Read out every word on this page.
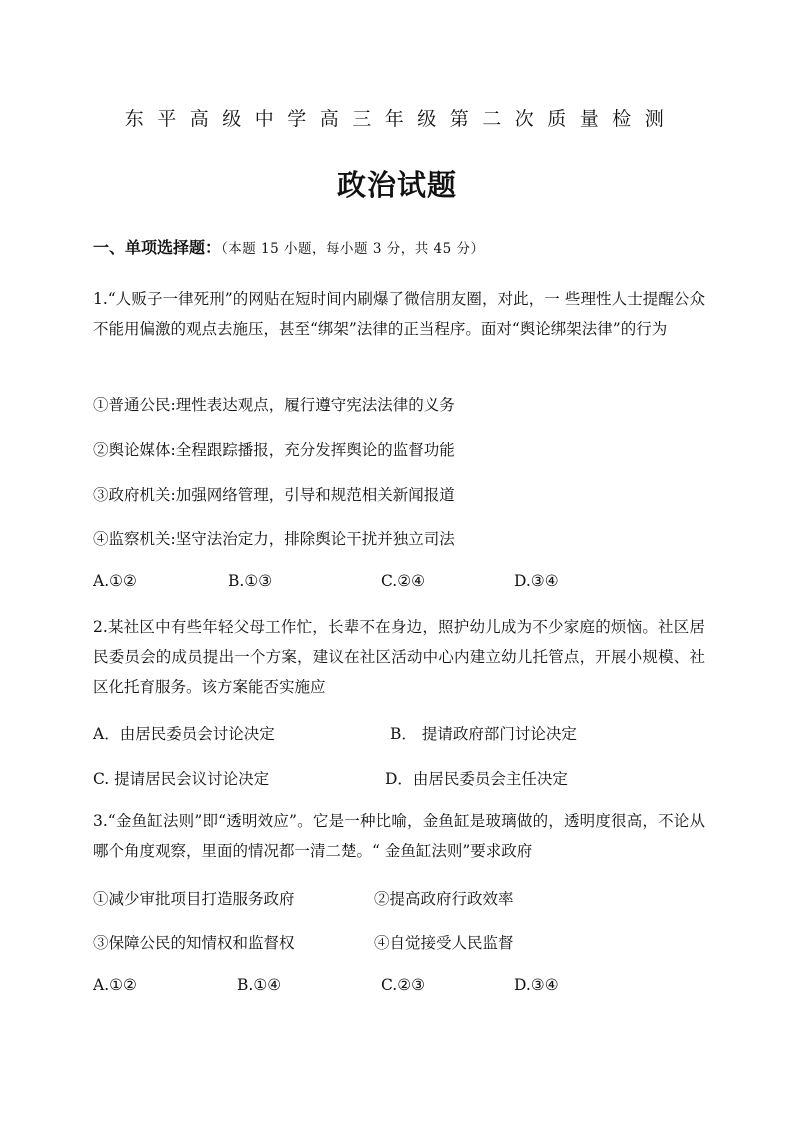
东平高级中学高三年级第二次质量检测
政治试题
一、单项选择题：（本题 15 小题，每小题 3 分，共 45 分）
1.“人贩子一律死刑”的网贴在短时间内刷爆了微信朋友圈，对此，一 些理性人士提醒公众不能用偏激的观点去施压，甚至“绑架”法律的正当程序。面对“舆论绑架法律”的行为
①普通公民:理性表达观点，履行遵守宪法法律的义务
②舆论媒体:全程跟踪播报，充分发挥舆论的监督功能
③政府机关:加强网络管理，引导和规范相关新闻报道
④监察机关:坚守法治定力，排除舆论干扰并独立司法
A.①②	B.①③	C.②④	D.③④
2.某社区中有些年轻父母工作忙，长辈不在身边，照护幼儿成为不少家庭的烦恼。社区居民委员会的成员提出一个方案，建议在社区活动中心内建立幼儿托管点，开展小规模、社区化托育服务。该方案能否实施应
A．由居民委员会讨论决定	B． 提请政府部门讨论决定
C. 提请居民会议讨论决定	D．由居民委员会主任决定
3.“金鱼缸法则”即“透明效应”。它是一种比喻，金鱼缸是玻璃做的，透明度很高，不论从哪个角度观察，里面的情况都一清二楚。“ 金鱼缸法则”要求政府
①减少审批项目打造服务政府	②提高政府行政效率
③保障公民的知情权和监督权	④自觉接受人民监督
A.①②	B.①④	C.②③	D.③④
